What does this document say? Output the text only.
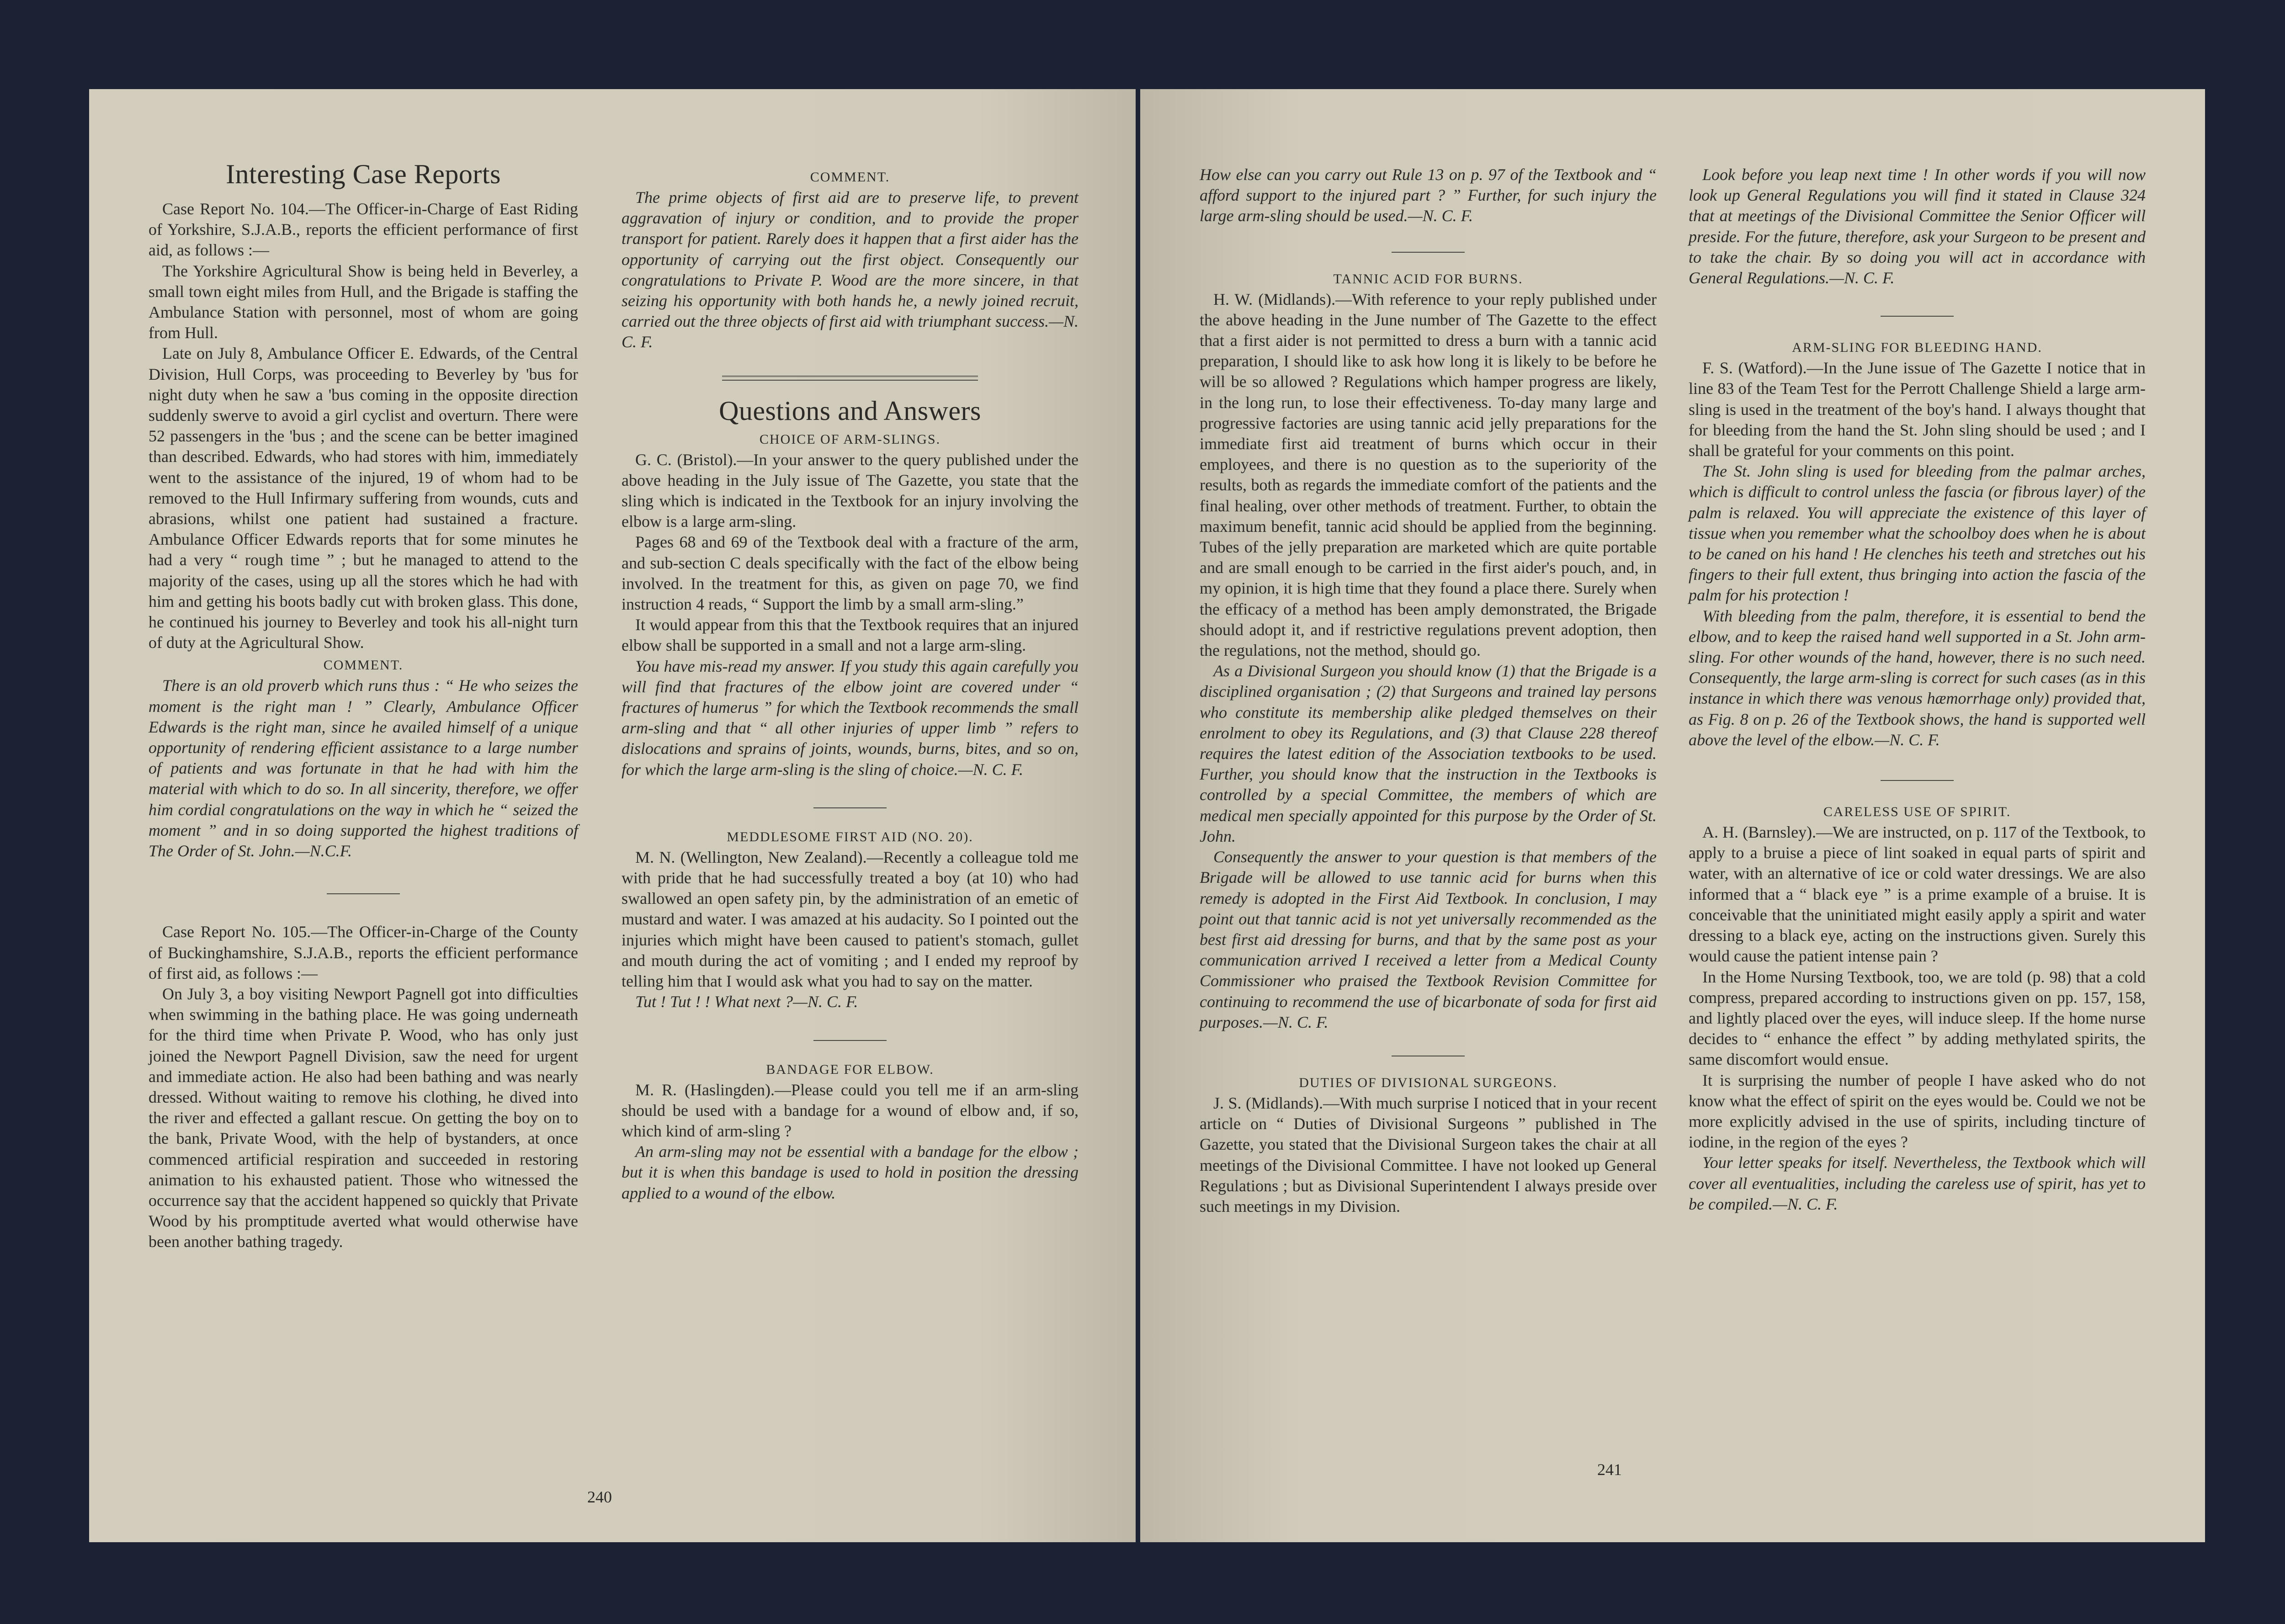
Interesting Case Reports

Case Report No. 104.—The Officer-in-Charge of East Riding of Yorkshire, S.J.A.B., reports the efficient performance of first aid, as follows :—

The Yorkshire Agricultural Show is being held in Beverley, a small town eight miles from Hull, and the Brigade is staffing the Ambulance Station with personnel, most of whom are going from Hull.

Late on July 8, Ambulance Officer E. Edwards, of the Central Division, Hull Corps, was proceeding to Beverley by 'bus for night duty when he saw a 'bus coming in the opposite direction suddenly swerve to avoid a girl cyclist and overturn. There were 52 passengers in the 'bus ; and the scene can be better imagined than described. Edwards, who had stores with him, immediately went to the assistance of the injured, 19 of whom had to be removed to the Hull Infirmary suffering from wounds, cuts and abrasions, whilst one patient had sustained a fracture. Ambulance Officer Edwards reports that for some minutes he had a very “ rough time ” ; but he managed to attend to the majority of the cases, using up all the stores which he had with him and getting his boots badly cut with broken glass. This done, he continued his journey to Beverley and took his all-night turn of duty at the Agricultural Show.

COMMENT.

There is an old proverb which runs thus : “ He who seizes the moment is the right man ! ” Clearly, Ambulance Officer Edwards is the right man, since he availed himself of a unique opportunity of rendering efficient assistance to a large number of patients and was fortunate in that he had with him the material with which to do so. In all sincerity, therefore, we offer him cordial congratulations on the way in which he “ seized the moment ” and in so doing supported the highest traditions of The Order of St. John.—N.C.F.

Case Report No. 105.—The Officer-in-Charge of the County of Buckinghamshire, S.J.A.B., reports the efficient performance of first aid, as follows :—

On July 3, a boy visiting Newport Pagnell got into difficulties when swimming in the bathing place. He was going underneath for the third time when Private P. Wood, who has only just joined the Newport Pagnell Division, saw the need for urgent and immediate action. He also had been bathing and was nearly dressed. Without waiting to remove his clothing, he dived into the river and effected a gallant rescue. On getting the boy on to the bank, Private Wood, with the help of bystanders, at once commenced artificial respiration and succeeded in restoring animation to his exhausted patient. Those who witnessed the occurrence say that the accident happened so quickly that Private Wood by his promptitude averted what would otherwise have been another bathing tragedy.

COMMENT.

The prime objects of first aid are to preserve life, to prevent aggravation of injury or condition, and to provide the proper transport for patient. Rarely does it happen that a first aider has the opportunity of carrying out the first object. Consequently our congratulations to Private P. Wood are the more sincere, in that seizing his opportunity with both hands he, a newly joined recruit, carried out the three objects of first aid with triumphant success.—N. C. F.

Questions and Answers
CHOICE OF ARM-SLINGS.

G. C. (Bristol).—In your answer to the query published under the above heading in the July issue of The Gazette, you state that the sling which is indicated in the Textbook for an injury involving the elbow is a large arm-sling.

Pages 68 and 69 of the Textbook deal with a fracture of the arm, and sub-section C deals specifically with the fact of the elbow being involved. In the treatment for this, as given on page 70, we find instruction 4 reads, “ Support the limb by a small arm-sling.”

It would appear from this that the Textbook requires that an injured elbow shall be supported in a small and not a large arm-sling.

You have mis-read my answer. If you study this again carefully you will find that fractures of the elbow joint are covered under “ fractures of humerus ” for which the Textbook recommends the small arm-sling and that “ all other injuries of upper limb ” refers to dislocations and sprains of joints, wounds, burns, bites, and so on, for which the large arm-sling is the sling of choice.—N. C. F.

MEDDLESOME FIRST AID (NO. 20).

M. N. (Wellington, New Zealand).—Recently a colleague told me with pride that he had successfully treated a boy (at 10) who had swallowed an open safety pin, by the administration of an emetic of mustard and water. I was amazed at his audacity. So I pointed out the injuries which might have been caused to patient's stomach, gullet and mouth during the act of vomiting ; and I ended my reproof by telling him that I would ask what you had to say on the matter.

Tut ! Tut ! ! What next ?—N. C. F.

BANDAGE FOR ELBOW.

M. R. (Haslingden).—Please could you tell me if an arm-sling should be used with a bandage for a wound of elbow and, if so, which kind of arm-sling ?

An arm-sling may not be essential with a bandage for the elbow ; but it is when this bandage is used to hold in position the dressing applied to a wound of the elbow.

240

How else can you carry out Rule 13 on p. 97 of the Textbook and “ afford support to the injured part ? ” Further, for such injury the large arm-sling should be used.—N. C. F.

TANNIC ACID FOR BURNS.

H. W. (Midlands).—With reference to your reply published under the above heading in the June number of The Gazette to the effect that a first aider is not permitted to dress a burn with a tannic acid preparation, I should like to ask how long it is likely to be before he will be so allowed ? Regulations which hamper progress are likely, in the long run, to lose their effectiveness. To-day many large and progressive factories are using tannic acid jelly preparations for the immediate first aid treatment of burns which occur in their employees, and there is no question as to the superiority of the results, both as regards the immediate comfort of the patients and the final healing, over other methods of treatment. Further, to obtain the maximum benefit, tannic acid should be applied from the beginning. Tubes of the jelly preparation are marketed which are quite portable and are small enough to be carried in the first aider's pouch, and, in my opinion, it is high time that they found a place there. Surely when the efficacy of a method has been amply demonstrated, the Brigade should adopt it, and if restrictive regulations prevent adoption, then the regulations, not the method, should go.

As a Divisional Surgeon you should know (1) that the Brigade is a disciplined organisation ; (2) that Surgeons and trained lay persons who constitute its membership alike pledged themselves on their enrolment to obey its Regulations, and (3) that Clause 228 thereof requires the latest edition of the Association textbooks to be used. Further, you should know that the instruction in the Textbooks is controlled by a special Committee, the members of which are medical men specially appointed for this purpose by the Order of St. John.

Consequently the answer to your question is that members of the Brigade will be allowed to use tannic acid for burns when this remedy is adopted in the First Aid Textbook. In conclusion, I may point out that tannic acid is not yet universally recommended as the best first aid dressing for burns, and that by the same post as your communication arrived I received a letter from a Medical County Commissioner who praised the Textbook Revision Committee for continuing to recommend the use of bicarbonate of soda for first aid purposes.—N. C. F.

DUTIES OF DIVISIONAL SURGEONS.

J. S. (Midlands).—With much surprise I noticed that in your recent article on “ Duties of Divisional Surgeons ” published in The Gazette, you stated that the Divisional Surgeon takes the chair at all meetings of the Divisional Committee. I have not looked up General Regulations ; but as Divisional Superintendent I always preside over such meetings in my Division.

Look before you leap next time ! In other words if you will now look up General Regulations you will find it stated in Clause 324 that at meetings of the Divisional Committee the Senior Officer will preside. For the future, therefore, ask your Surgeon to be present and to take the chair. By so doing you will act in accordance with General Regulations.—N. C. F.

ARM-SLING FOR BLEEDING HAND.

F. S. (Watford).—In the June issue of The Gazette I notice that in line 83 of the Team Test for the Perrott Challenge Shield a large arm-sling is used in the treatment of the boy's hand. I always thought that for bleeding from the hand the St. John sling should be used ; and I shall be grateful for your comments on this point.

The St. John sling is used for bleeding from the palmar arches, which is difficult to control unless the fascia (or fibrous layer) of the palm is relaxed. You will appreciate the existence of this layer of tissue when you remember what the schoolboy does when he is about to be caned on his hand ! He clenches his teeth and stretches out his fingers to their full extent, thus bringing into action the fascia of the palm for his protection !

With bleeding from the palm, therefore, it is essential to bend the elbow, and to keep the raised hand well supported in a St. John arm-sling. For other wounds of the hand, however, there is no such need. Consequently, the large arm-sling is correct for such cases (as in this instance in which there was venous hæmorrhage only) provided that, as Fig. 8 on p. 26 of the Textbook shows, the hand is supported well above the level of the elbow.—N. C. F.

CARELESS USE OF SPIRIT.

A. H. (Barnsley).—We are instructed, on p. 117 of the Textbook, to apply to a bruise a piece of lint soaked in equal parts of spirit and water, with an alternative of ice or cold water dressings. We are also informed that a “ black eye ” is a prime example of a bruise. It is conceivable that the uninitiated might easily apply a spirit and water dressing to a black eye, acting on the instructions given. Surely this would cause the patient intense pain ?

In the Home Nursing Textbook, too, we are told (p. 98) that a cold compress, prepared according to instructions given on pp. 157, 158, and lightly placed over the eyes, will induce sleep. If the home nurse decides to “ enhance the effect ” by adding methylated spirits, the same discomfort would ensue.

It is surprising the number of people I have asked who do not know what the effect of spirit on the eyes would be. Could we not be more explicitly advised in the use of spirits, including tincture of iodine, in the region of the eyes ?

Your letter speaks for itself. Nevertheless, the Textbook which will cover all eventualities, including the careless use of spirit, has yet to be compiled.—N. C. F.

241
